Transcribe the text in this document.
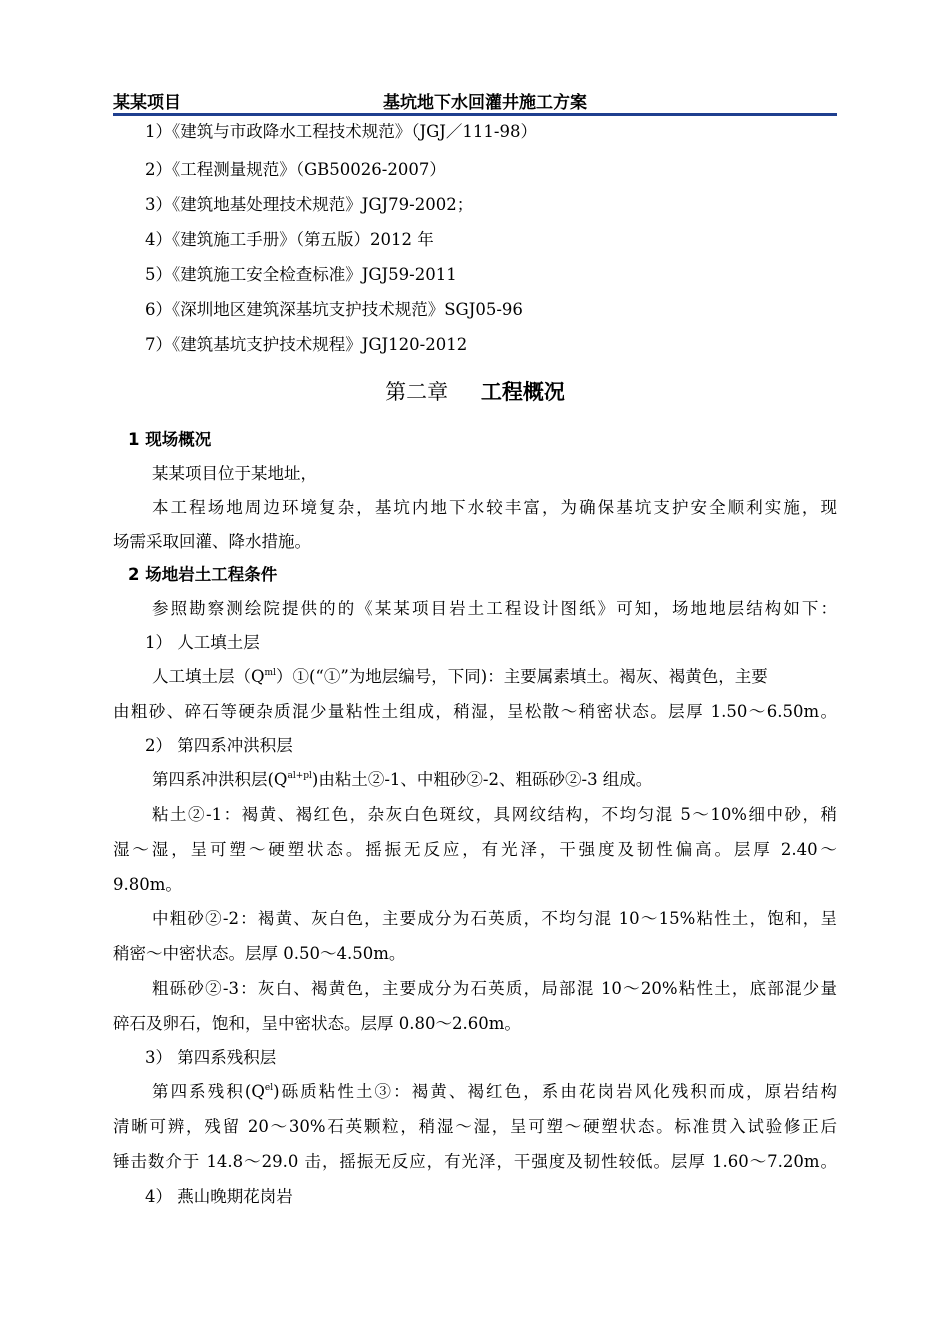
某某项目	基坑地下水回灌井施工方案
1）《建筑与市政降水工程技术规范》（JGJ／111-98）
2）《工程测量规范》（GB50026-2007）
3）《建筑地基处理技术规范》JGJ79-2002；
4）《建筑施工手册》（第五版）2012 年
5）《建筑施工安全检查标准》JGJ59-2011
6）《深圳地区建筑深基坑支护技术规范》SGJ05-96
7）《建筑基坑支护技术规程》JGJ120-2012
第二章 工程概况
1 现场概况
某某项目位于某地址，
本工程场地周边环境复杂，基坑内地下水较丰富，为确保基坑支护安全顺利实施，现
场需采取回灌、降水措施。
2 场地岩土工程条件
参照勘察测绘院提供的的《某某项目岩土工程设计图纸》可知，场地地层结构如下：
1） 人工填土层
人工填土层$(Q^{ml})①(“①$”为地层编号，下同)：主要属素填土。褐灰、褐黄色，主要
由粗砂、碎石等硬杂质混少量粘性土组成，稍湿，呈松散～稍密状态。层厚 1.50～6.50m。
2） 第四系冲洪积层
第四系冲洪积层$(Q^{al+pl})$由粘土②-1、中粗砂②-2、粗砾砂②-3 组成。
粘土②-1：褐黄、褐红色，杂灰白色斑纹，具网纹结构，不均匀混 5～10%细中砂，稍
湿～湿，呈可塑～硬塑状态。摇振无反应，有光泽，干强度及韧性偏高。层厚 2.40～
9.80m。
中粗砂②-2：褐黄、灰白色，主要成分为石英质，不均匀混 10～15%粘性土，饱和，呈
稍密～中密状态。层厚 0.50～4.50m。
粗砾砂②-3：灰白、褐黄色，主要成分为石英质，局部混 10～20%粘性土，底部混少量
碎石及卵石，饱和，呈中密状态。层厚 0.80～2.60m。
3） 第四系残积层
第四系残积$(Q^{el})$砾质粘性土③：褐黄、褐红色，系由花岗岩风化残积而成，原岩结构
清晰可辨，残留 20～30%石英颗粒，稍湿～湿，呈可塑～硬塑状态。标准贯入试验修正后
锤击数介于 14.8～29.0 击，摇振无反应，有光泽，干强度及韧性较低。层厚 1.60～7.20m。
4） 燕山晚期花岗岩
